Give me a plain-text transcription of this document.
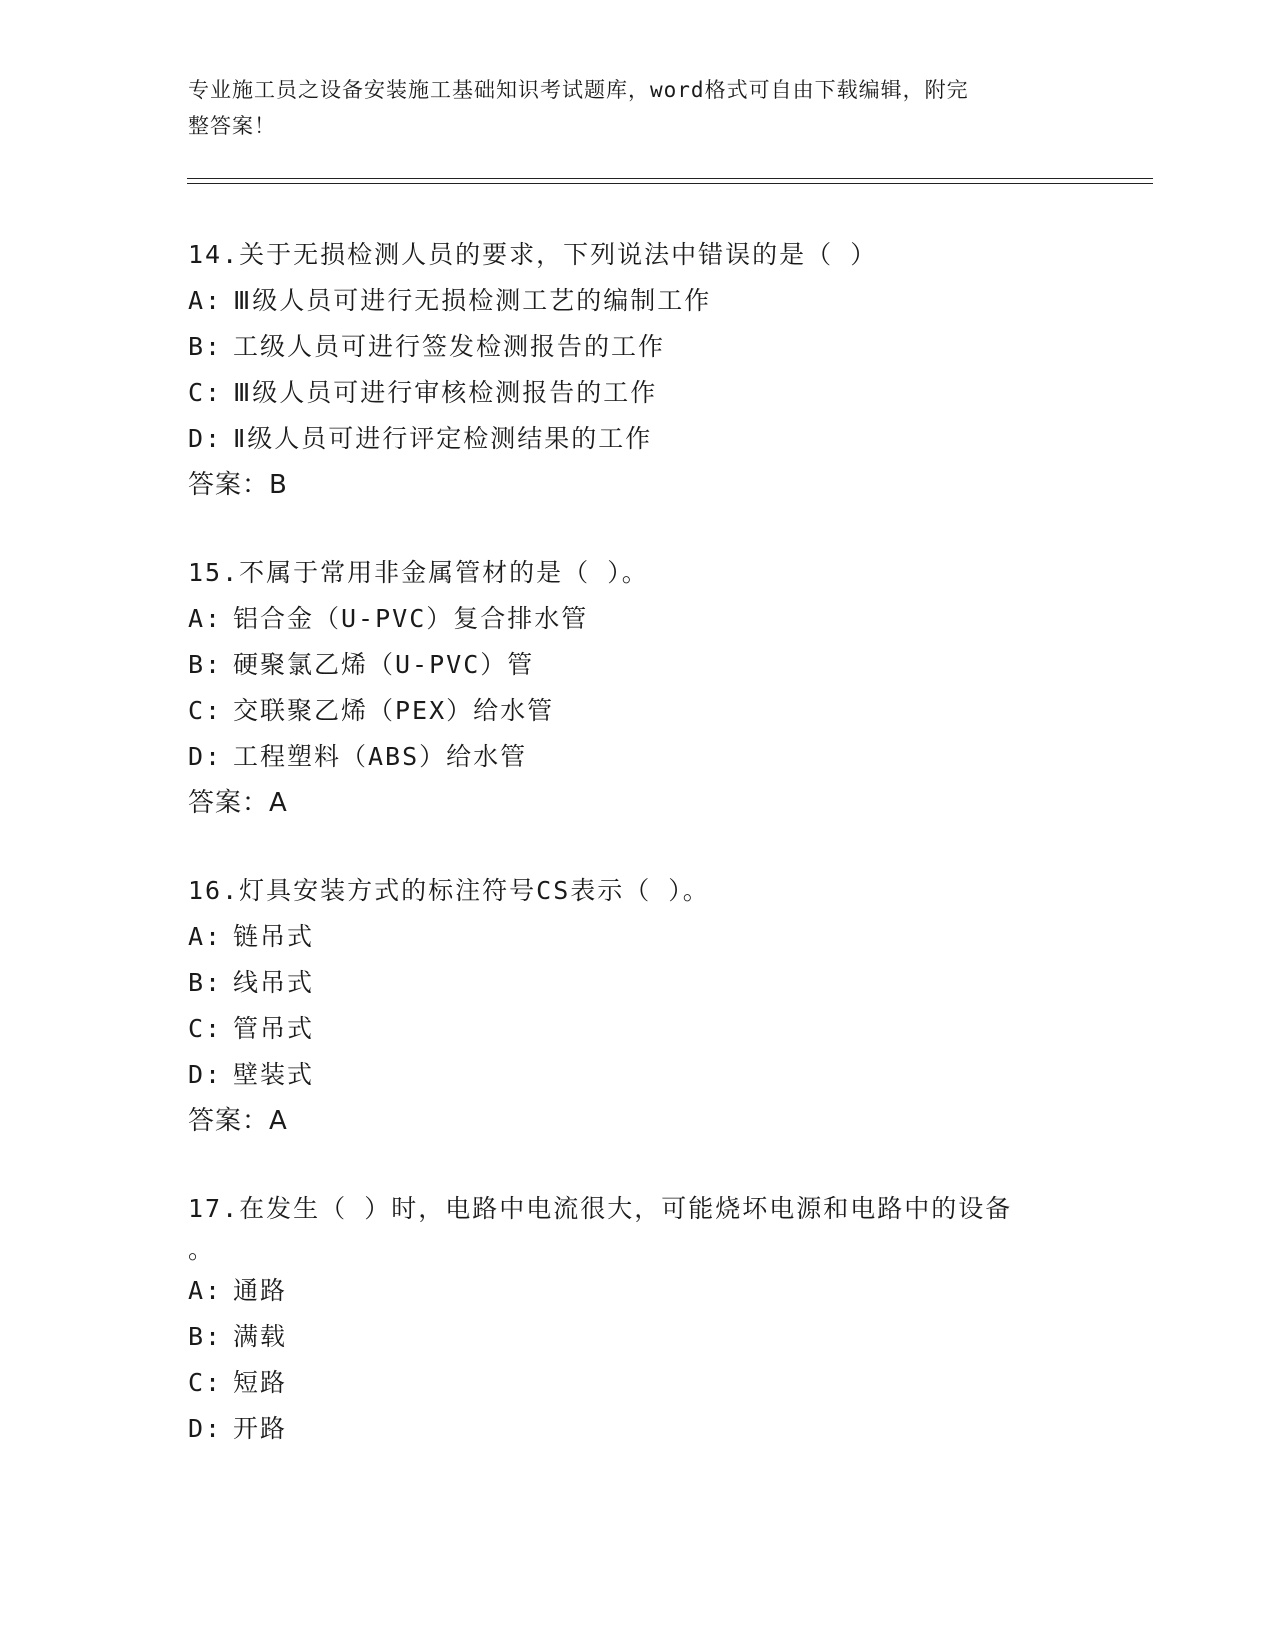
专业施工员之设备安装施工基础知识考试题库，word格式可自由下载编辑，附完
整答案！
14.关于无损检测人员的要求，下列说法中错误的是（ ）
A: Ⅲ级人员可进行无损检测工艺的编制工作
B: 工级人员可进行签发检测报告的工作
C: Ⅲ级人员可进行审核检测报告的工作
D: Ⅱ级人员可进行评定检测结果的工作
答案：B
15.不属于常用非金属管材的是（ ）。
A: 铝合金（U-PVC）复合排水管
B: 硬聚氯乙烯（U-PVC）管
C: 交联聚乙烯（PEX）给水管
D: 工程塑料（ABS）给水管
答案：A
16.灯具安装方式的标注符号CS表示（ ）。
A: 链吊式
B: 线吊式
C: 管吊式
D: 壁装式
答案：A
17.在发生（ ）时，电路中电流很大，可能烧坏电源和电路中的设备
。
A: 通路
B: 满载
C: 短路
D: 开路
